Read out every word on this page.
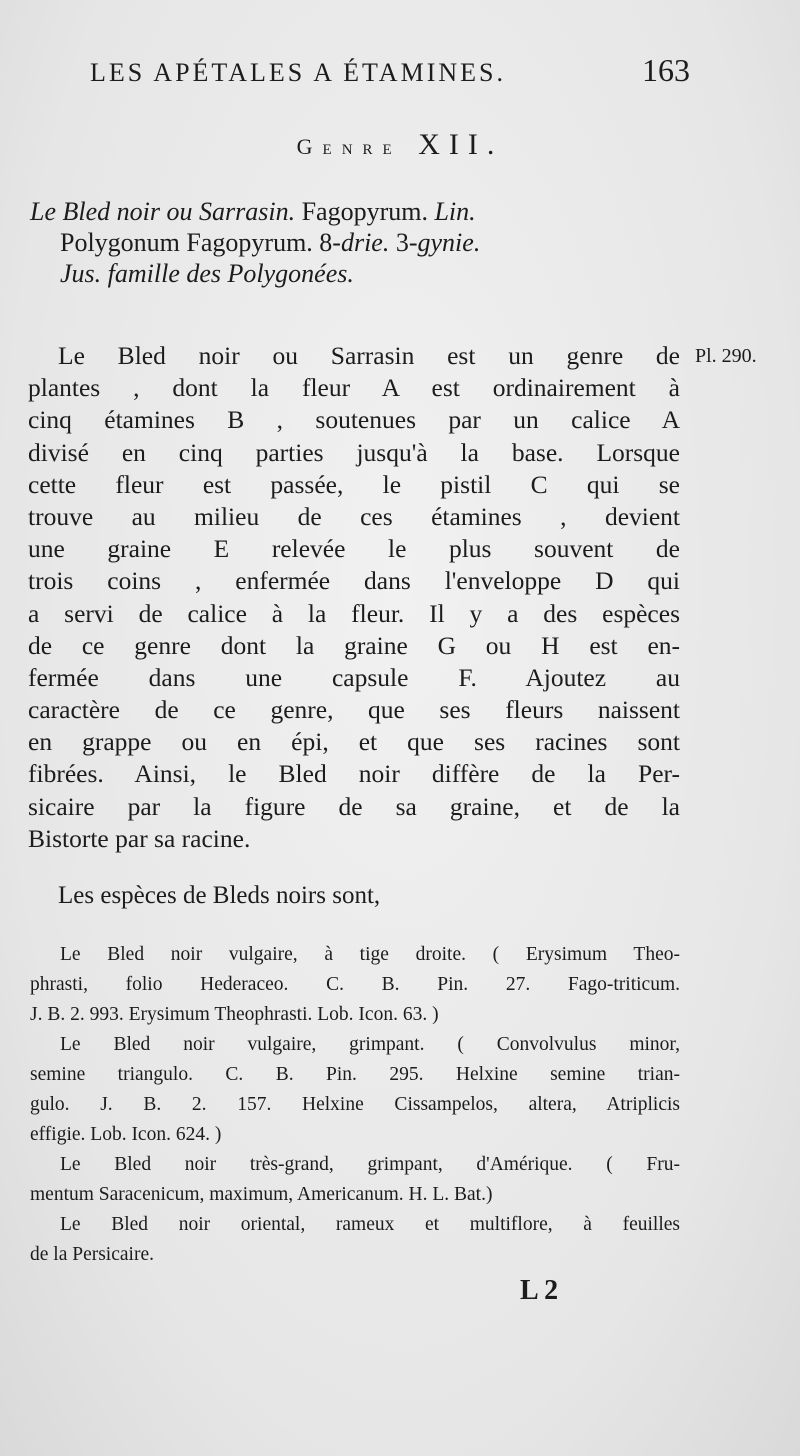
LES APÉTALES A ÉTAMINES.	163
Genre XII.

Le Bled noir ou Sarrasin. Fagopyrum. Lin.

Polygonum Fagopyrum. 8-drie. 3-gynie.

Jus. famille des Polygonées.

Pl. 290.
Le Bled noir ou Sarrasin est un genre de
plantes , dont la fleur A est ordinairement à
cinq étamines B , soutenues par un calice A
divisé en cinq parties jusqu'à la base. Lorsque
cette fleur est passée, le pistil C qui se
trouve au milieu de ces étamines , devient
une graine E relevée le plus souvent de
trois coins , enfermée dans l'enveloppe D qui
a servi de calice à la fleur. Il y a des espèces
de ce genre dont la graine G ou H est en-
fermée dans une capsule F. Ajoutez au
caractère de ce genre, que ses fleurs naissent
en grappe ou en épi, et que ses racines sont
fibrées. Ainsi, le Bled noir diffère de la Per-
sicaire par la figure de sa graine, et de la
Bistorte par sa racine.
Les espèces de Bleds noirs sont,
Le Bled noir vulgaire, à tige droite. ( Erysimum Theo-
phrasti, folio Hederaceo. C. B. Pin. 27. Fago-triticum.
J. B. 2. 993. Erysimum Theophrasti. Lob. Icon. 63. )
Le Bled noir vulgaire, grimpant. ( Convolvulus minor,
semine triangulo. C. B. Pin. 295. Helxine semine trian-
gulo. J. B. 2. 157. Helxine Cissampelos, altera, Atriplicis
effigie. Lob. Icon. 624. )
Le Bled noir très-grand, grimpant, d'Amérique. ( Fru-
mentum Saracenicum, maximum, Americanum. H. L. Bat.)
Le Bled noir oriental, rameux et multiflore, à feuilles
de la Persicaire.
L 2
